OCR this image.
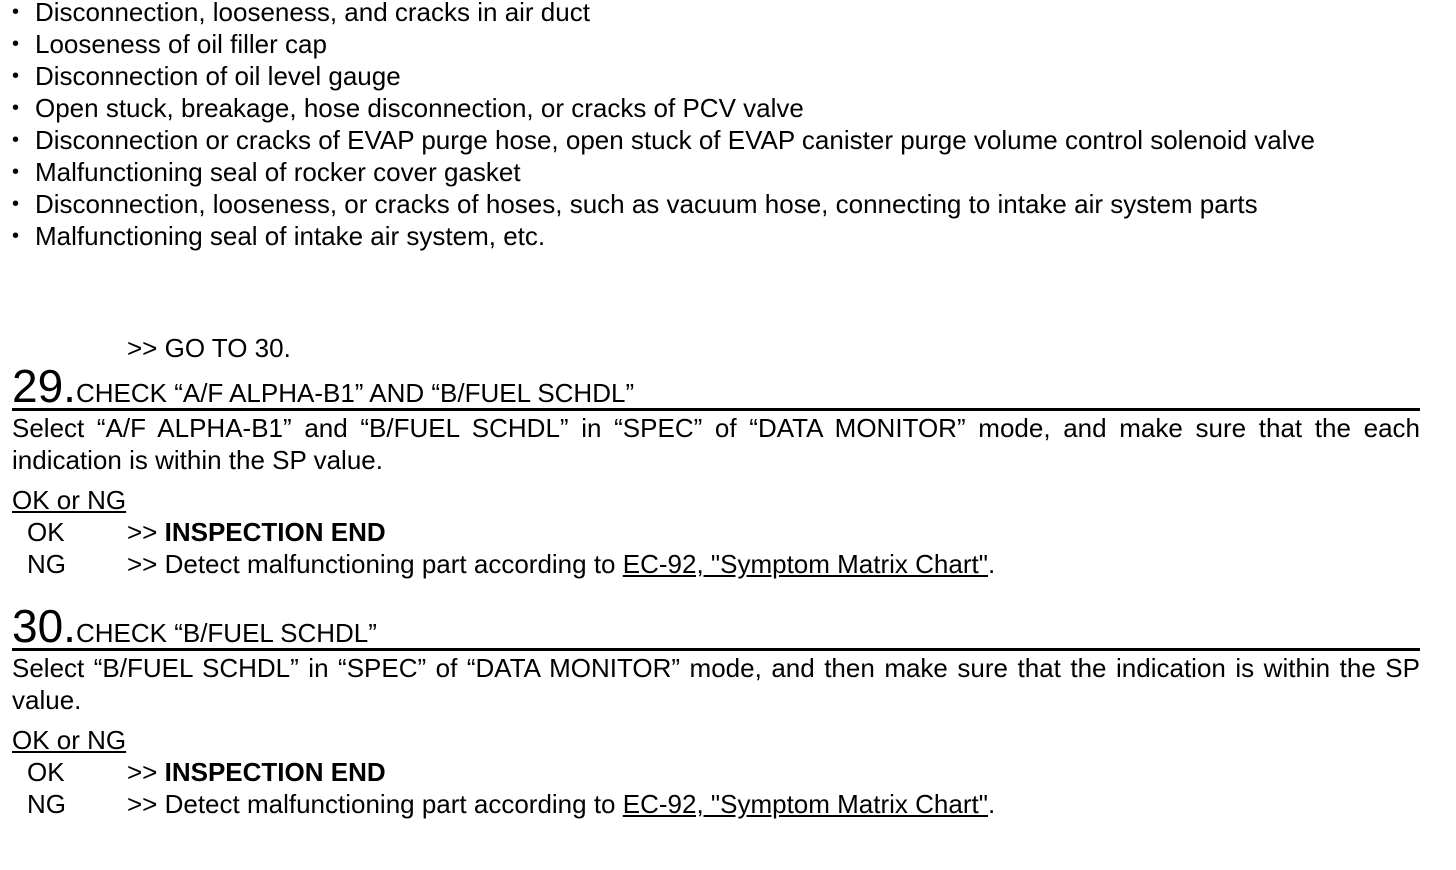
• Disconnection, looseness, and cracks in air duct
• Looseness of oil filler cap
• Disconnection of oil level gauge
• Open stuck, breakage, hose disconnection, or cracks of PCV valve
• Disconnection or cracks of EVAP purge hose, open stuck of EVAP canister purge volume control solenoid valve
• Malfunctioning seal of rocker cover gasket
• Disconnection, looseness, or cracks of hoses, such as vacuum hose, connecting to intake air system parts
• Malfunctioning seal of intake air system, etc.
>> GO TO 30.
29. CHECK “A/F ALPHA-B1” AND “B/FUEL SCHDL”
Select “A/F ALPHA-B1” and “B/FUEL SCHDL” in “SPEC” of “DATA MONITOR” mode, and make sure that the each indication is within the SP value.
OK or NG
OK	>> INSPECTION END
NG	>> Detect malfunctioning part according to EC-92, "Symptom Matrix Chart".
30. CHECK “B/FUEL SCHDL”
Select “B/FUEL SCHDL” in “SPEC” of “DATA MONITOR” mode, and then make sure that the indication is within the SP value.
OK or NG
OK	>> INSPECTION END
NG	>> Detect malfunctioning part according to EC-92, "Symptom Matrix Chart".
